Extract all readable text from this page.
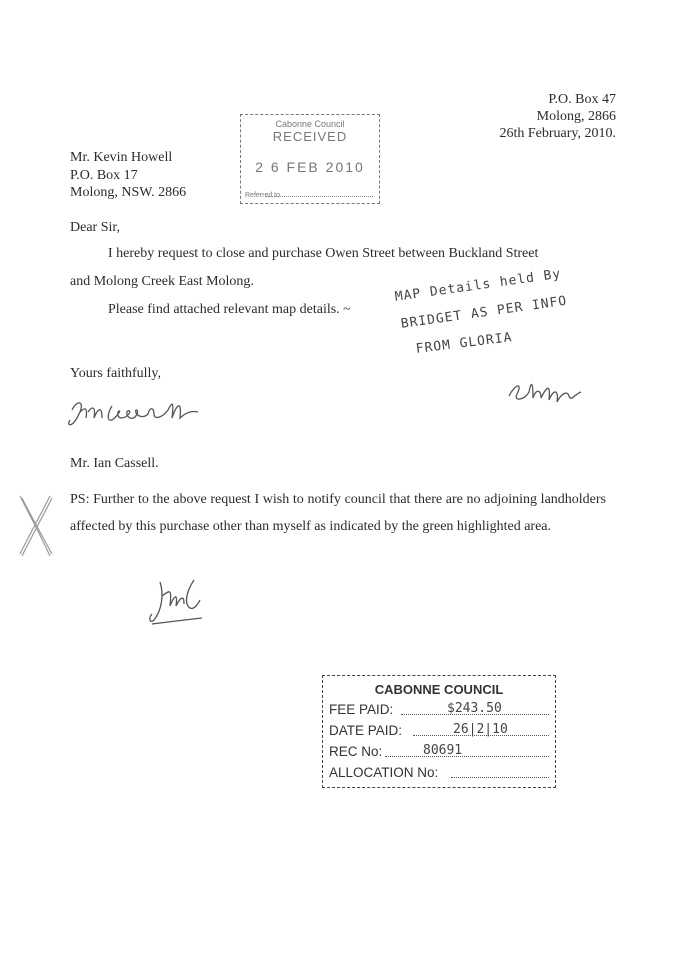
P.O. Box 47
Molong, 2866
26th February, 2010.
Cabonne Council
RECEIVED
2 6 FEB 2010
Referred to
Mr. Kevin Howell
P.O. Box 17
Molong, NSW. 2866
Dear Sir,
I hereby request to close and purchase Owen Street between Buckland Street
and Molong Creek East Molong.
Please find attached relevant map details. ~
MAP Details held By
BRIDGET AS PER INFO
FROM GLORIA
Yours faithfully,
Mr. Ian Cassell.
PS: Further to the above request I wish to notify council that there are no adjoining landholders affected by this purchase other than myself as indicated by the green highlighted area.
CABONNE COUNCIL
FEE PAID:	$243.50
DATE PAID:	26|2|10
REC No:	80691
ALLOCATION No:
